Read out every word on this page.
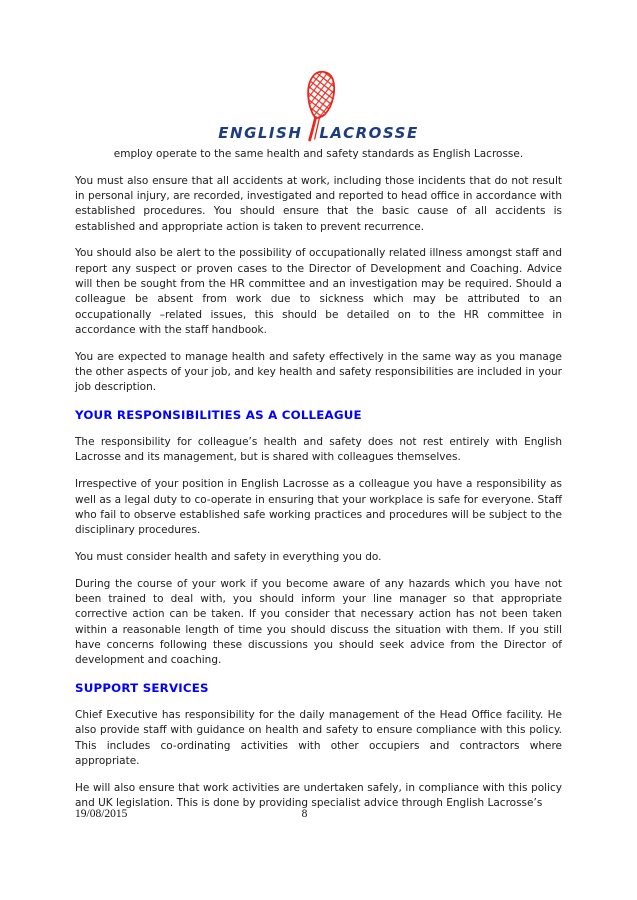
ENGLISH LACROSSE

employ operate to the same health and safety standards as English Lacrosse.

You must also ensure that all accidents at work, including those incidents that do not result in personal injury, are recorded, investigated and reported to head office in accordance with established procedures. You should ensure that the basic cause of all accidents is established and appropriate action is taken to prevent recurrence.

You should also be alert to the possibility of occupationally related illness amongst staff and report any suspect or proven cases to the Director of Development and Coaching. Advice will then be sought from the HR committee and an investigation may be required. Should a colleague be absent from work due to sickness which may be attributed to an occupationally –related issues, this should be detailed on to the HR committee in accordance with the staff handbook.

You are expected to manage health and safety effectively in the same way as you manage the other aspects of your job, and key health and safety responsibilities are included in your job description.

YOUR RESPONSIBILITIES AS A COLLEAGUE

The responsibility for colleague’s health and safety does not rest entirely with English Lacrosse and its management, but is shared with colleagues themselves.

Irrespective of your position in English Lacrosse as a colleague you have a responsibility as well as a legal duty to co-operate in ensuring that your workplace is safe for everyone. Staff who fail to observe established safe working practices and procedures will be subject to the disciplinary procedures.

You must consider health and safety in everything you do.

During the course of your work if you become aware of any hazards which you have not been trained to deal with, you should inform your line manager so that appropriate corrective action can be taken. If you consider that necessary action has not been taken within a reasonable length of time you should discuss the situation with them. If you still have concerns following these discussions you should seek advice from the Director of development and coaching.

SUPPORT SERVICES

Chief Executive has responsibility for the daily management of the Head Office facility. He also provide staff with guidance on health and safety to ensure compliance with this policy. This includes co-ordinating activities with other occupiers and contractors where appropriate.

He will also ensure that work activities are undertaken safely, in compliance with this policy and UK legislation. This is done by providing specialist advice through English Lacrosse’s

19/08/2015	8
